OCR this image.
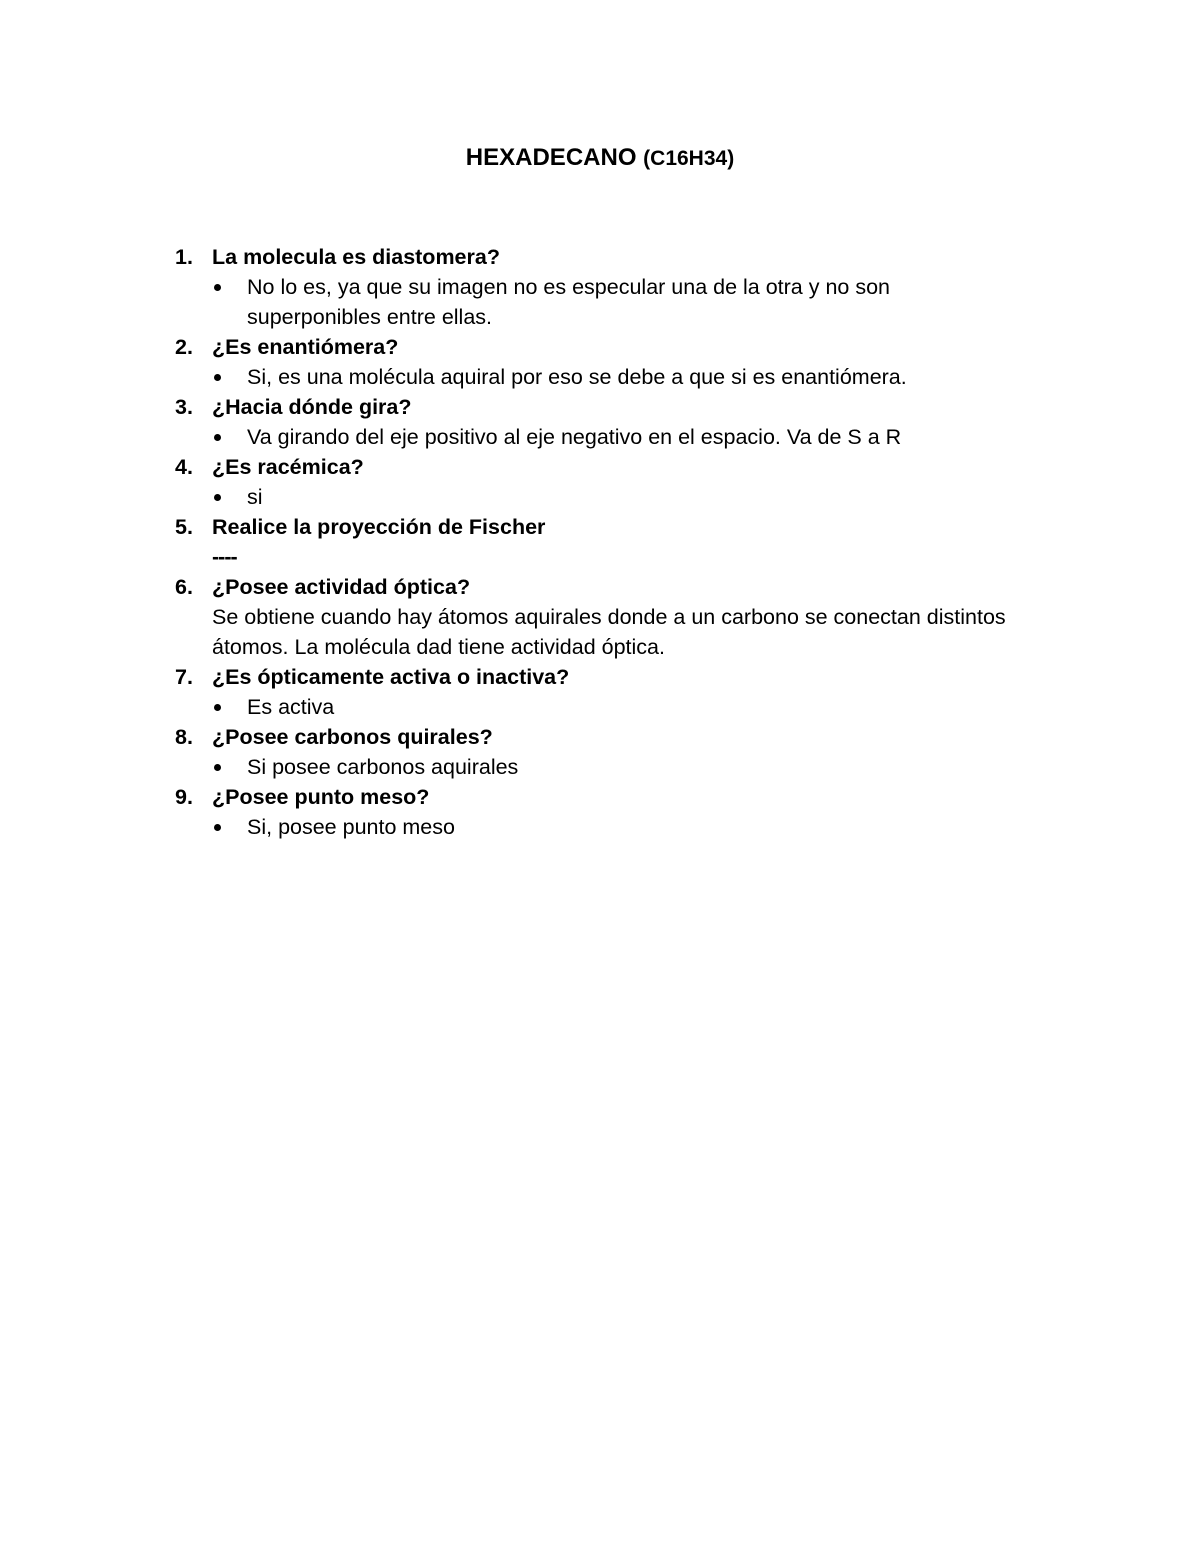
HEXADECANO (C16H34)
1. La molecula es diastomera?
No lo es, ya que su imagen no es especular una de la otra y no son superponibles entre ellas.
2. ¿Es enantiómera?
Si, es una molécula aquiral por eso se debe a que si es enantiómera.
3. ¿Hacia dónde gira?
Va girando del eje positivo al eje negativo en el espacio. Va de S a R
4. ¿Es racémica?
si
5. Realice la proyección de Fischer
----
6. ¿Posee actividad óptica?
Se obtiene cuando hay átomos aquirales donde a un carbono se conectan distintos átomos. La molécula dad tiene actividad óptica.
7. ¿Es ópticamente activa o inactiva?
Es activa
8. ¿Posee carbonos quirales?
Si posee carbonos aquirales
9. ¿Posee punto meso?
Si, posee punto meso
